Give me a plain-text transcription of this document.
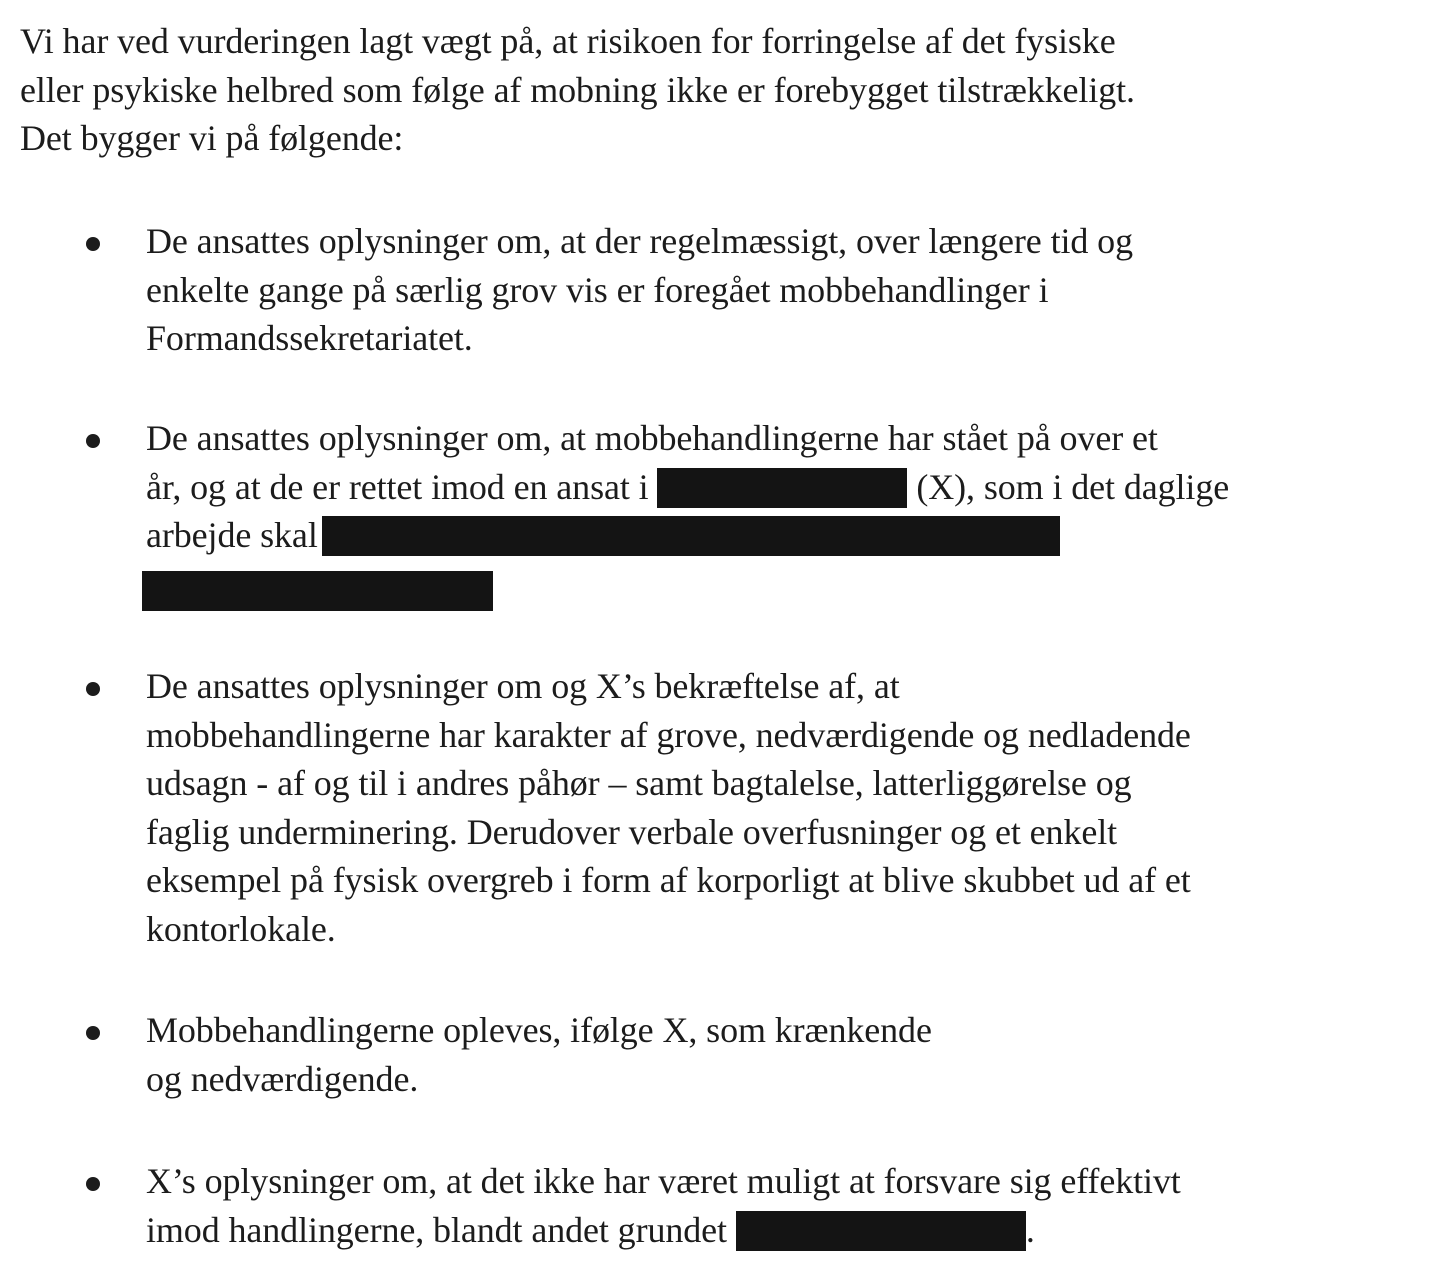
Vi har ved vurderingen lagt vægt på, at risikoen for forringelse af det fysiske
eller psykiske helbred som følge af mobning ikke er forebygget tilstrækkeligt.
Det bygger vi på følgende:

De ansattes oplysninger om, at der regelmæssigt, over længere tid og
enkelte gange på særlig grov vis er foregået mobbehandlinger i
Formandssekretariatet.

De ansattes oplysninger om, at mobbehandlingerne har stået på over et
år, og at de er rettet imod en ansat i	(X), som i det daglige
arbejde skal

De ansattes oplysninger om og X’s bekræftelse af, at
mobbehandlingerne har karakter af grove, nedværdigende og nedladende
udsagn - af og til i andres påhør – samt bagtalelse, latterliggørelse og
faglig underminering. Derudover verbale overfusninger og et enkelt
eksempel på fysisk overgreb i form af korporligt at blive skubbet ud af et
kontorlokale.

Mobbehandlingerne opleves, ifølge X, som krænkende
og nedværdigende.

X’s oplysninger om, at det ikke har været muligt at forsvare sig effektivt
imod handlingerne, blandt andet grundet	.
